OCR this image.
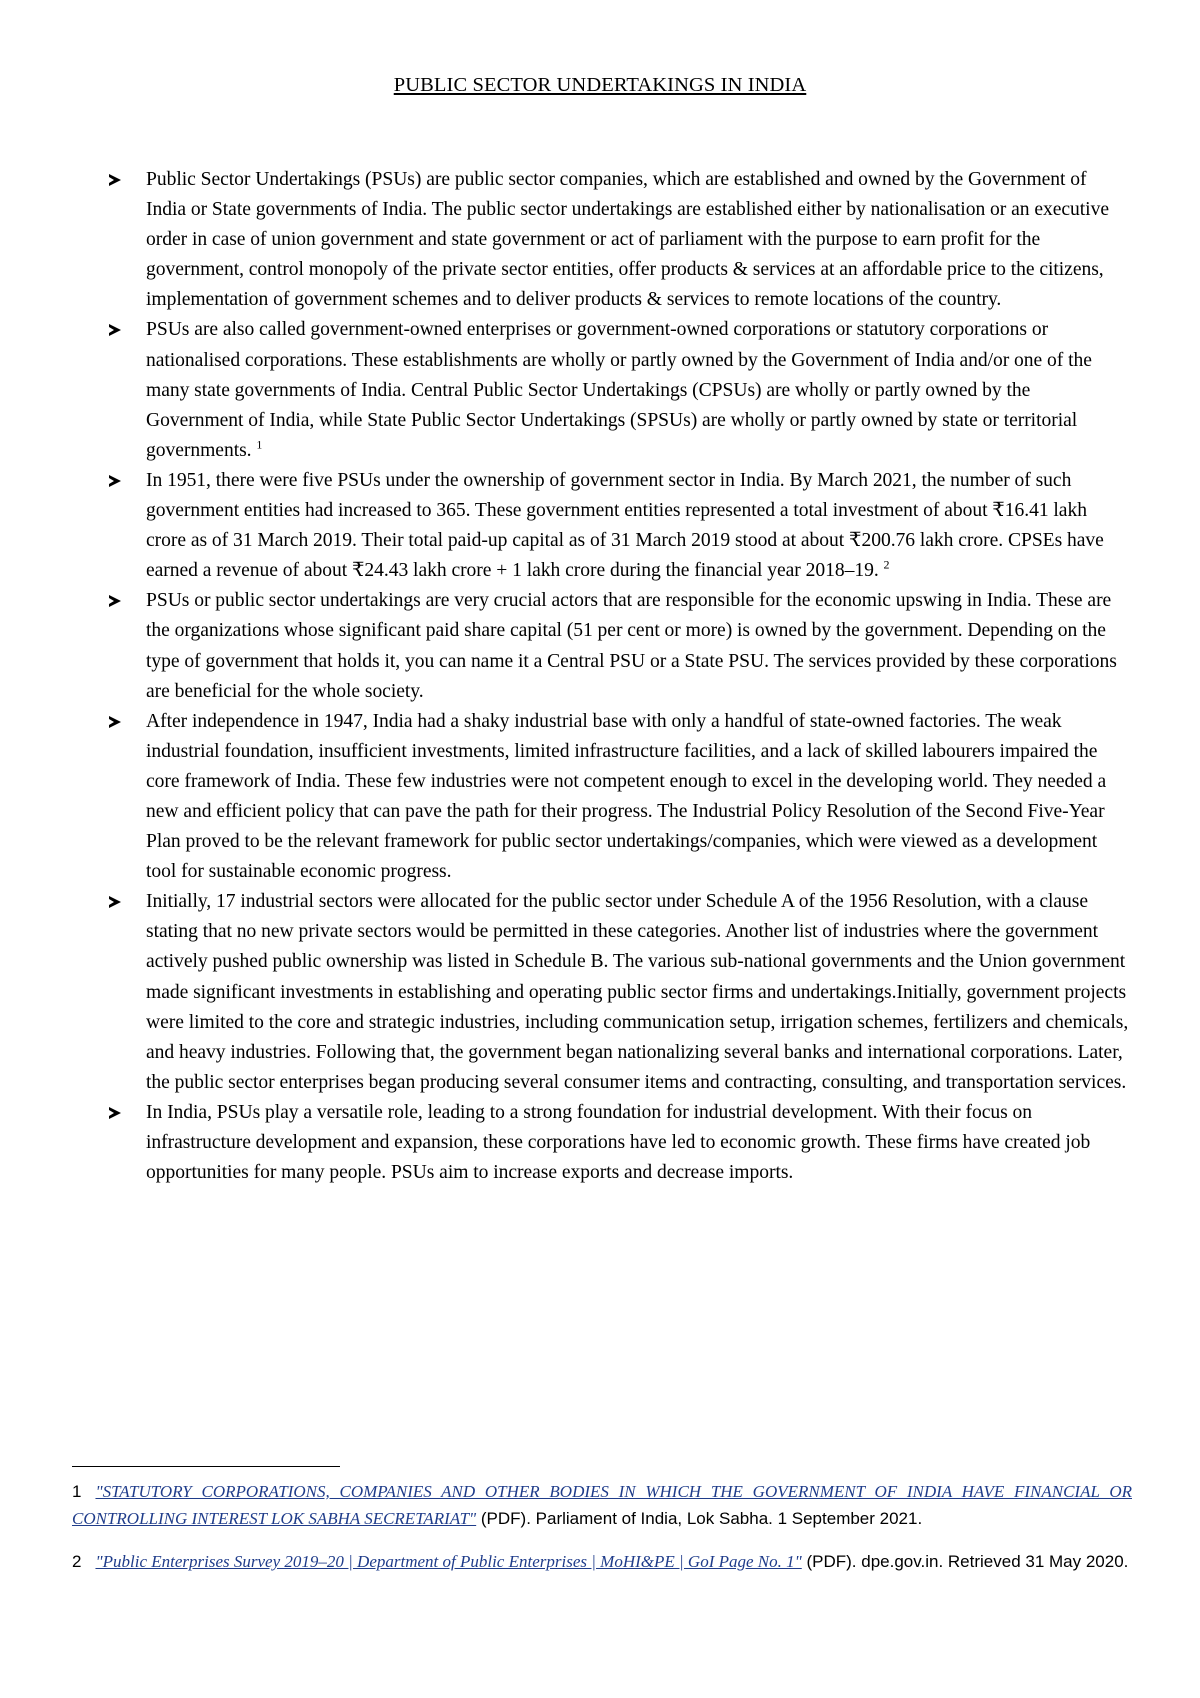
PUBLIC SECTOR UNDERTAKINGS IN INDIA
Public Sector Undertakings (PSUs) are public sector companies, which are established and owned by the Government of India or State governments of India. The public sector undertakings are established either by nationalisation or an executive order in case of union government and state government or act of parliament with the purpose to earn profit for the government, control monopoly of the private sector entities, offer products & services at an affordable price to the citizens, implementation of government schemes and to deliver products & services to remote locations of the country.
PSUs are also called government-owned enterprises or government-owned corporations or statutory corporations or nationalised corporations. These establishments are wholly or partly owned by the Government of India and/or one of the many state governments of India. Central Public Sector Undertakings (CPSUs) are wholly or partly owned by the Government of India, while State Public Sector Undertakings (SPSUs) are wholly or partly owned by state or territorial governments. $^1$
In 1951, there were five PSUs under the ownership of government sector in India. By March 2021, the number of such government entities had increased to 365. These government entities represented a total investment of about ₹16.41 lakh crore as of 31 March 2019. Their total paid-up capital as of 31 March 2019 stood at about ₹200.76 lakh crore. CPSEs have earned a revenue of about ₹24.43 lakh crore + 1 lakh crore during the financial year 2018–19. $^2$
PSUs or public sector undertakings are very crucial actors that are responsible for the economic upswing in India. These are the organizations whose significant paid share capital (51 per cent or more) is owned by the government. Depending on the type of government that holds it, you can name it a Central PSU or a State PSU. The services provided by these corporations are beneficial for the whole society.
After independence in 1947, India had a shaky industrial base with only a handful of state-owned factories. The weak industrial foundation, insufficient investments, limited infrastructure facilities, and a lack of skilled labourers impaired the core framework of India. These few industries were not competent enough to excel in the developing world. They needed a new and efficient policy that can pave the path for their progress. The Industrial Policy Resolution of the Second Five-Year Plan proved to be the relevant framework for public sector undertakings/companies, which were viewed as a development tool for sustainable economic progress.
Initially, 17 industrial sectors were allocated for the public sector under Schedule A of the 1956 Resolution, with a clause stating that no new private sectors would be permitted in these categories. Another list of industries where the government actively pushed public ownership was listed in Schedule B. The various sub-national governments and the Union government made significant investments in establishing and operating public sector firms and undertakings.Initially, government projects were limited to the core and strategic industries, including communication setup, irrigation schemes, fertilizers and chemicals, and heavy industries. Following that, the government began nationalizing several banks and international corporations. Later, the public sector enterprises began producing several consumer items and contracting, consulting, and transportation services.
In India, PSUs play a versatile role, leading to a strong foundation for industrial development. With their focus on infrastructure development and expansion, these corporations have led to economic growth. These firms have created job opportunities for many people. PSUs aim to increase exports and decrease imports.

1 "STATUTORY CORPORATIONS, COMPANIES AND OTHER BODIES IN WHICH THE GOVERNMENT OF INDIA HAVE FINANCIAL OR CONTROLLING INTEREST LOK SABHA SECRETARIAT" (PDF). Parliament of India, Lok Sabha. 1 September 2021.

2 "Public Enterprises Survey 2019–20 | Department of Public Enterprises | MoHI&PE | GoI Page No. 1" (PDF). dpe.gov.in. Retrieved 31 May 2020.
